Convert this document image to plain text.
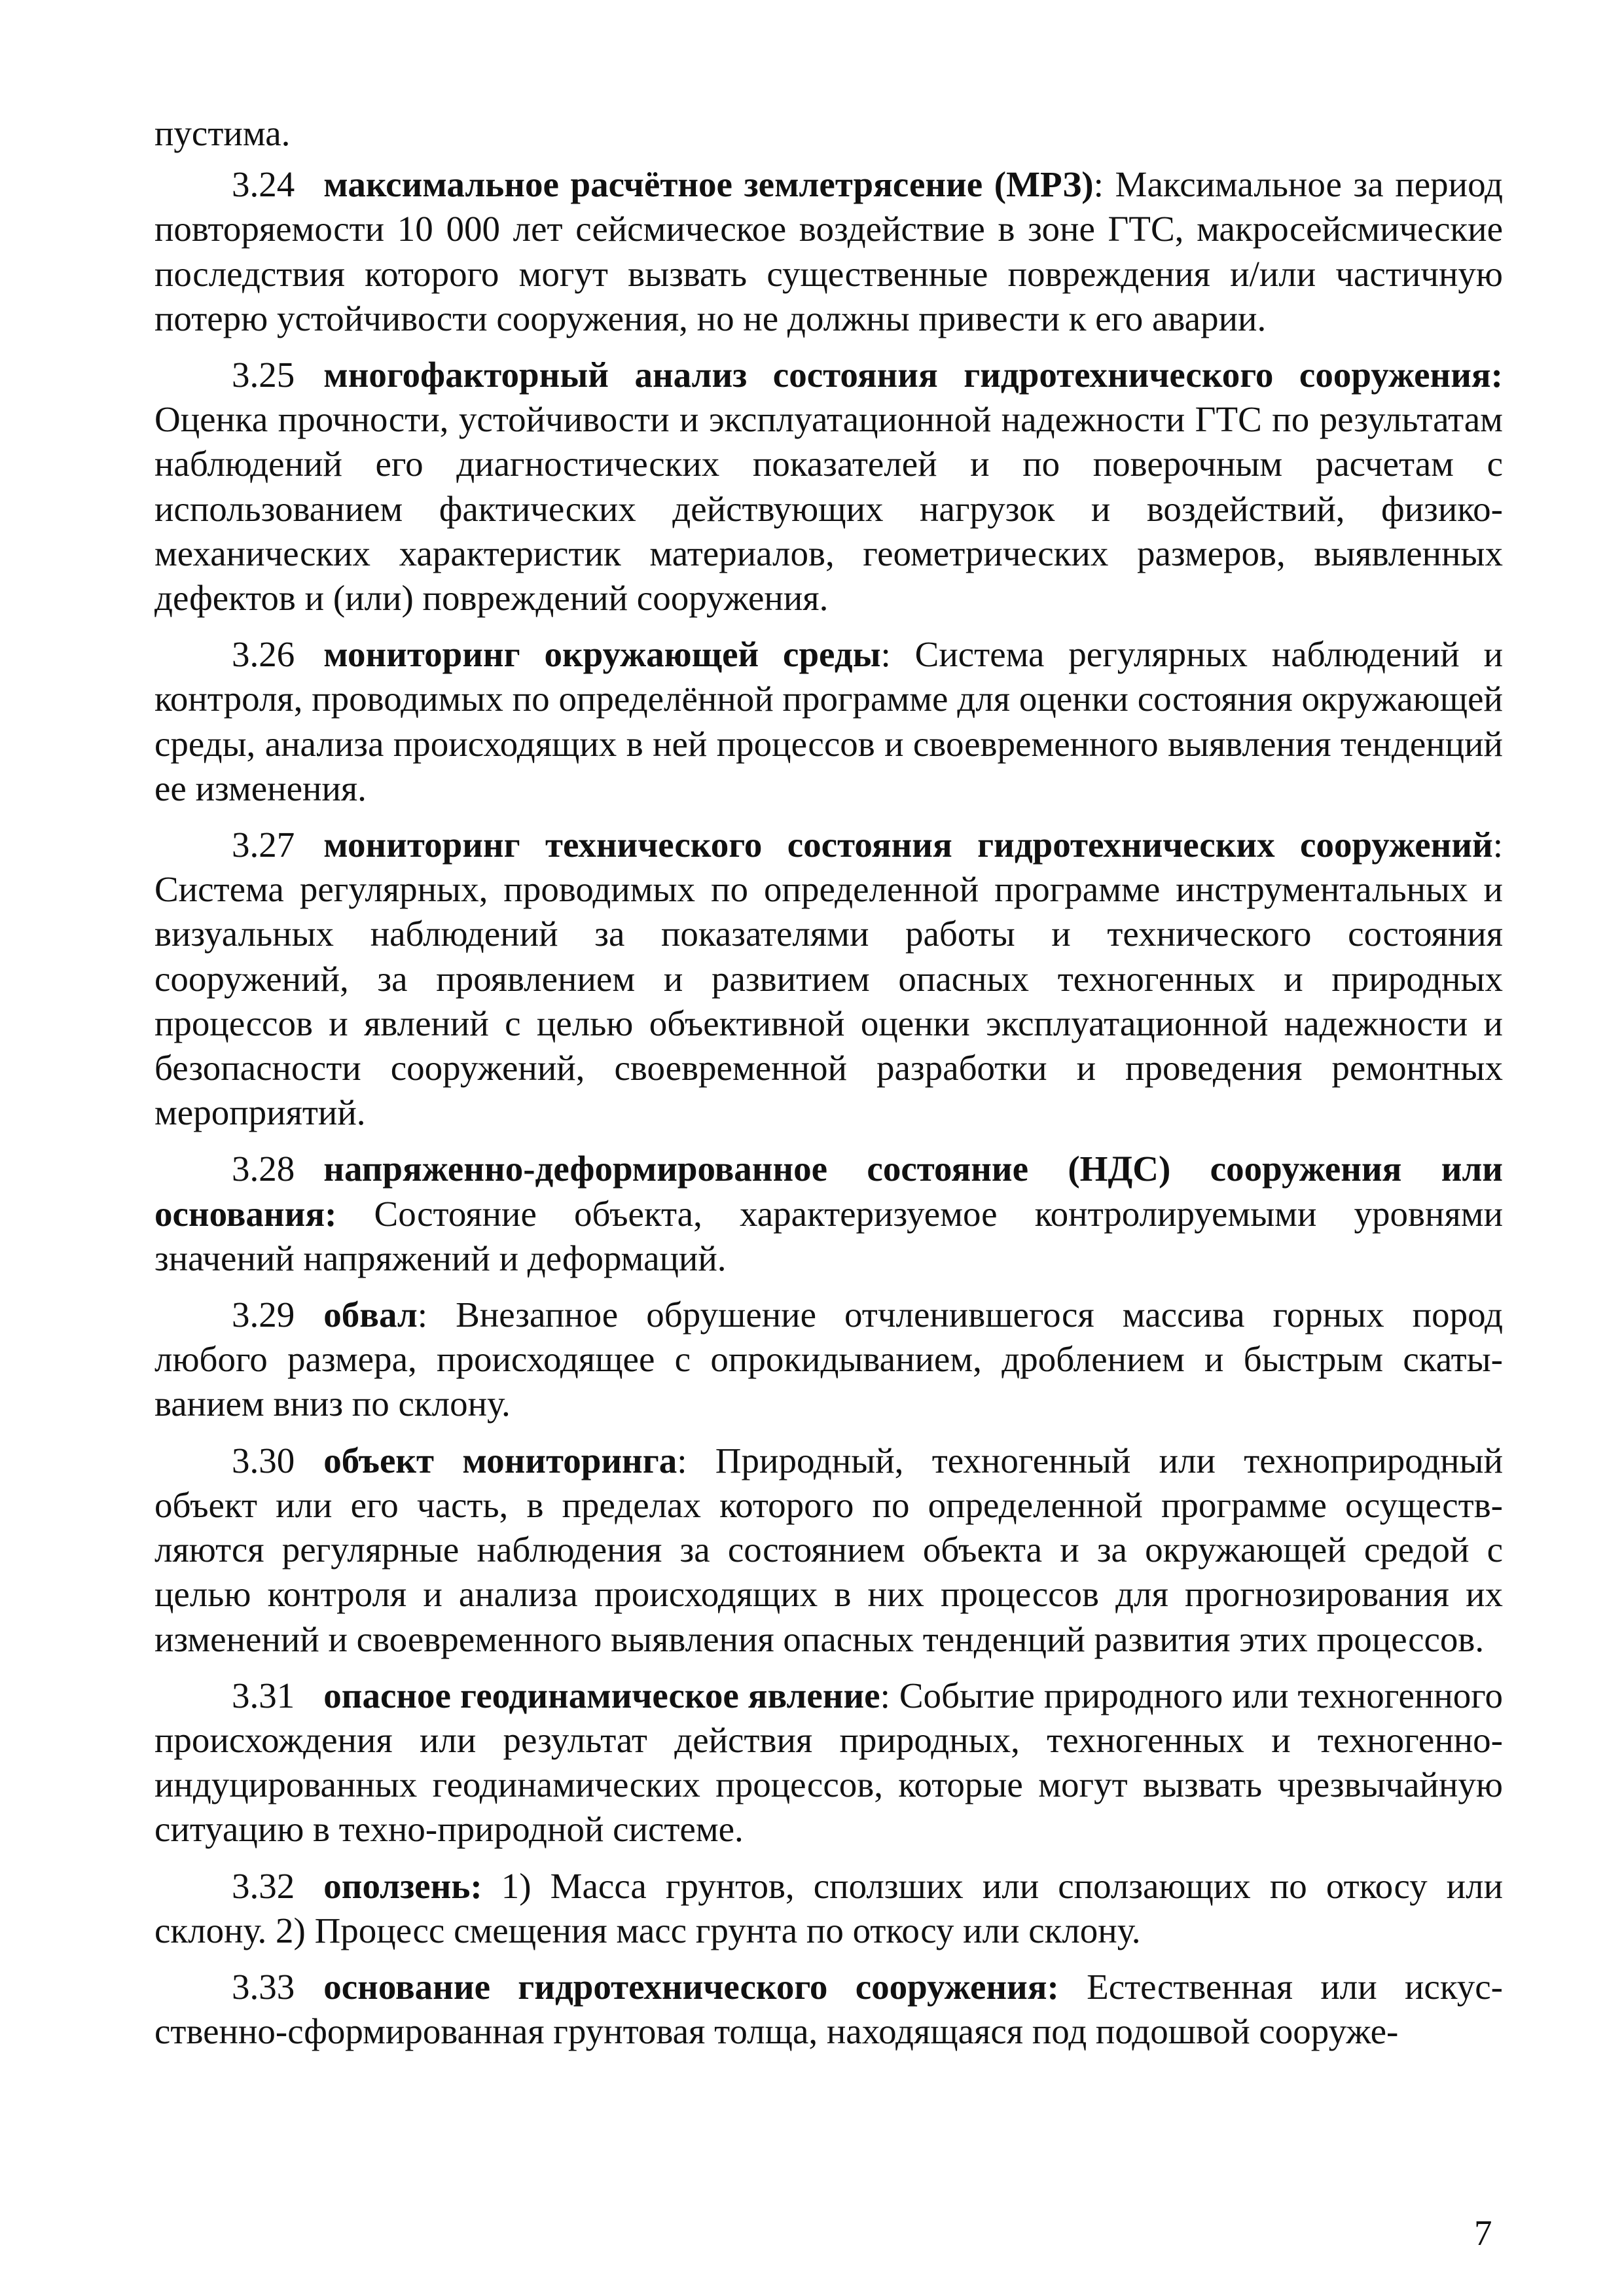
пустима.

3.24 максимальное расчётное землетрясение (МРЗ): Максимальное за период повторяемости 10 000 лет сейсмическое воздействие в зоне ГТС, макросейсмические последствия которого могут вызвать существенные повреждения и/или частичную потерю устойчивости сооружения, но не должны привести к его аварии.

3.25 многофакторный анализ состояния гидротехнического сооружения: Оценка прочности, устойчивости и эксплуатационной надежности ГТС по результатам наблюдений его диагностических показателей и по поверочным расчетам с использованием фактических действующих нагрузок и воздействий, физико-механических характеристик материалов, геометрических размеров, выявленных дефектов и (или) повреждений сооружения.

3.26 мониторинг окружающей среды: Система регулярных наблюдений и контроля, проводимых по определённой программе для оценки состояния окружающей среды, анализа происходящих в ней процессов и своевременного выявления тенденций ее изменения.

3.27 мониторинг технического состояния гидротехнических сооружений: Система регулярных, проводимых по определенной программе инструментальных и визуальных наблюдений за показателями работы и технического состояния сооружений, за проявлением и развитием опасных техногенных и природных процессов и явлений с целью объективной оценки эксплуатационной надежности и безопасности сооружений, своевременной разработки и проведения ремонтных мероприятий.

3.28 напряженно-деформированное состояние (НДС) сооружения или основания: Состояние объекта, характеризуемое контролируемыми уровнями значений напряжений и деформаций.

3.29 обвал: Внезапное обрушение отчленившегося массива горных пород любого размера, происходящее с опрокидыванием, дроблением и быстрым скатыванием вниз по склону.

3.30 объект мониторинга: Природный, техногенный или техноприродный объект или его часть, в пределах которого по определенной программе осуществляются регулярные наблюдения за состоянием объекта и за окружающей средой с целью контроля и анализа происходящих в них процессов для прогнозирования их изменений и своевременного выявления опасных тенденций развития этих процессов.

3.31 опасное геодинамическое явление: Событие природного или техногенного происхождения или результат действия природных, техногенных и техногенно-индуцированных геодинамических процессов, которые могут вызвать чрезвычайную ситуацию в техно-природной системе.

3.32 оползень: 1) Масса грунтов, сползших или сползающих по откосу или склону. 2) Процесс смещения масс грунта по откосу или склону.

3.33 основание гидротехнического сооружения: Естественная или искусственно-сформированная грунтовая толща, находящаяся под подошвой сооруже-

7
